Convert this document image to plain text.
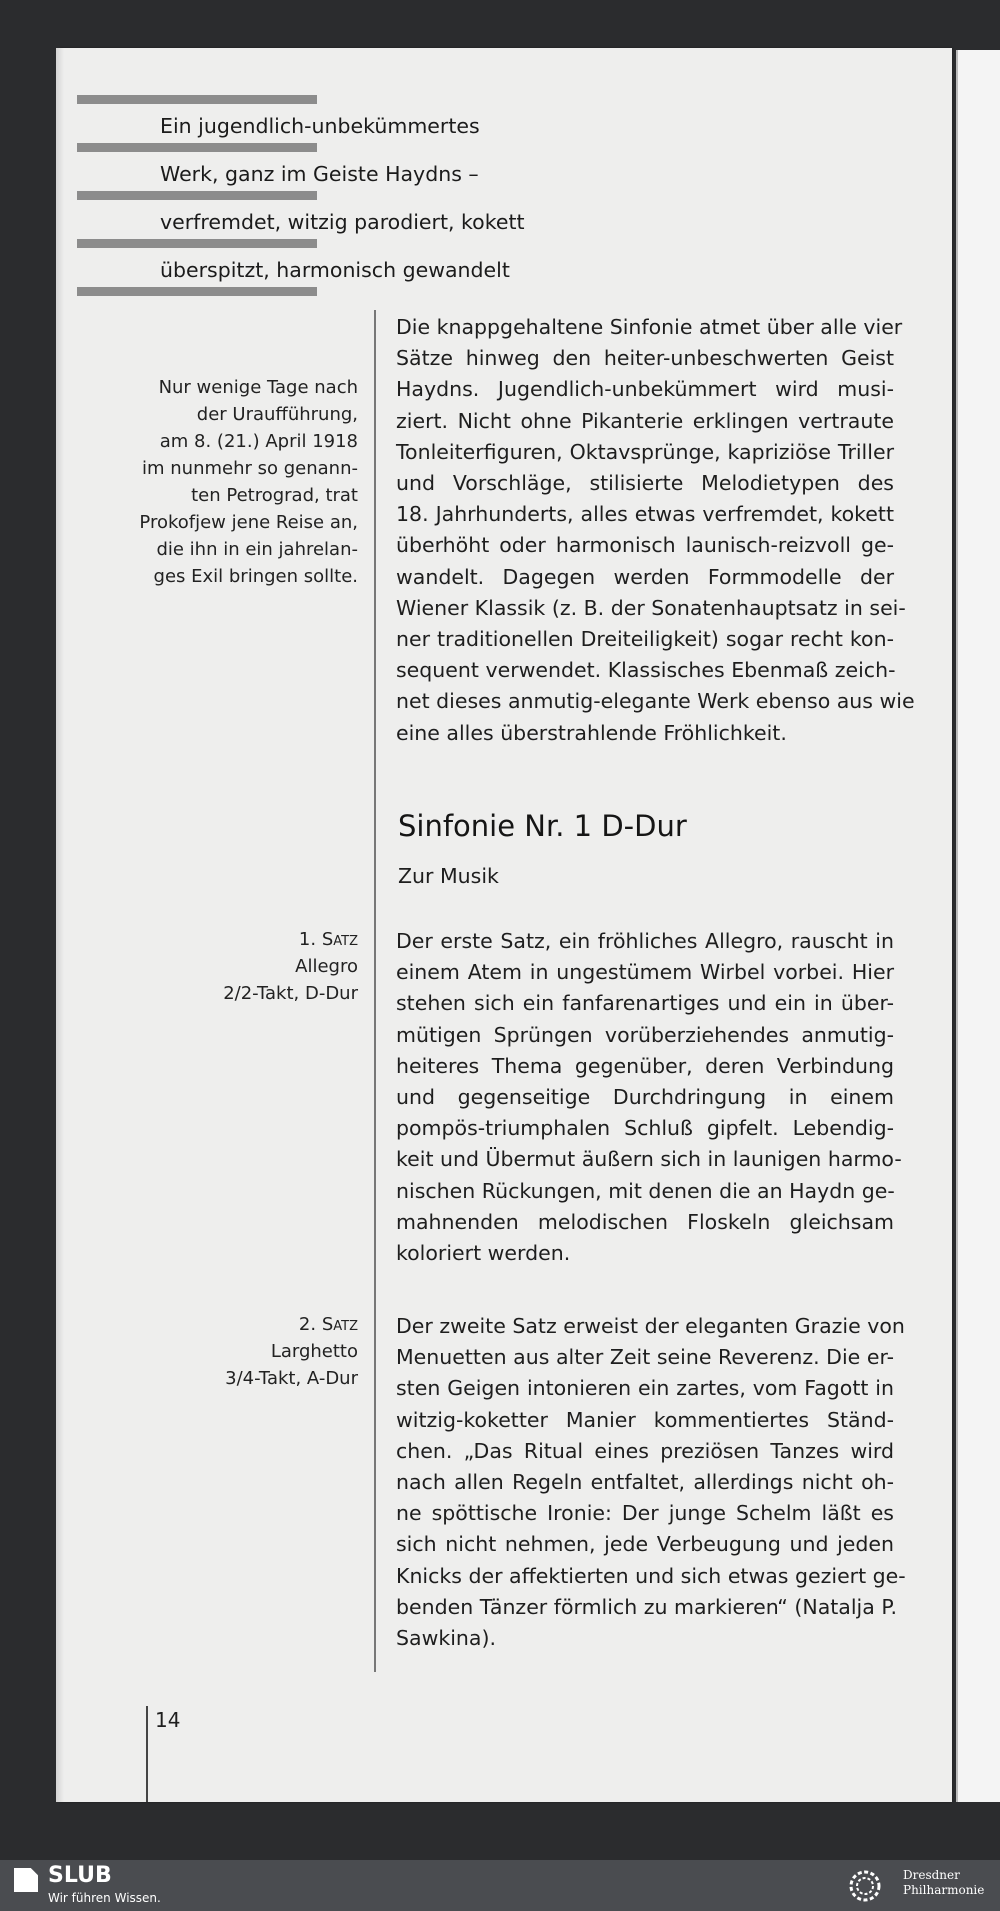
Ein jugendlich-unbekümmertes
Werk, ganz im Geiste Haydns –
verfremdet, witzig parodiert, kokett
überspitzt, harmonisch gewandelt
Nur wenige Tage nach
der Uraufführung,
am 8. (21.) April 1918
im nunmehr so genann-
ten Petrograd, trat
Prokofjew jene Reise an,
die ihn in ein jahrelan-
ges Exil bringen sollte.
Die knappgehaltene Sinfonie atmet über alle vier
Sätze hinweg den heiter-unbeschwerten Geist
Haydns. Jugendlich-unbekümmert wird musi-
ziert. Nicht ohne Pikanterie erklingen vertraute
Tonleiterfiguren, Oktavsprünge, kapriziöse Triller
und Vorschläge, stilisierte Melodietypen des
18. Jahrhunderts, alles etwas verfremdet, kokett
überhöht oder harmonisch launisch-reizvoll ge-
wandelt. Dagegen werden Formmodelle der
Wiener Klassik (z. B. der Sonatenhauptsatz in sei-
ner traditionellen Dreiteiligkeit) sogar recht kon-
sequent verwendet. Klassisches Ebenmaß zeich-
net dieses anmutig-elegante Werk ebenso aus wie
eine alles überstrahlende Fröhlichkeit.
Sinfonie Nr. 1 D-Dur
Zur Musik
1. Satz
Allegro
2/2-Takt, D-Dur
Der erste Satz, ein fröhliches Allegro, rauscht in
einem Atem in ungestümem Wirbel vorbei. Hier
stehen sich ein fanfarenartiges und ein in über-
mütigen Sprüngen vorüberziehendes anmutig-
heiteres Thema gegenüber, deren Verbindung
und gegenseitige Durchdringung in einem
pompös-triumphalen Schluß gipfelt. Lebendig-
keit und Übermut äußern sich in launigen harmo-
nischen Rückungen, mit denen die an Haydn ge-
mahnenden melodischen Floskeln gleichsam
koloriert werden.
2. Satz
Larghetto
3/4-Takt, A-Dur
Der zweite Satz erweist der eleganten Grazie von
Menuetten aus alter Zeit seine Reverenz. Die er-
sten Geigen intonieren ein zartes, vom Fagott in
witzig-koketter Manier kommentiertes Ständ-
chen. „Das Ritual eines preziösen Tanzes wird
nach allen Regeln entfaltet, allerdings nicht oh-
ne spöttische Ironie: Der junge Schelm läßt es
sich nicht nehmen, jede Verbeugung und jeden
Knicks der affektierten und sich etwas geziert ge-
benden Tänzer förmlich zu markieren“ (Natalja P.
Sawkina).
14
SLUB
Wir führen Wissen.
Dresdner
Philharmonie
